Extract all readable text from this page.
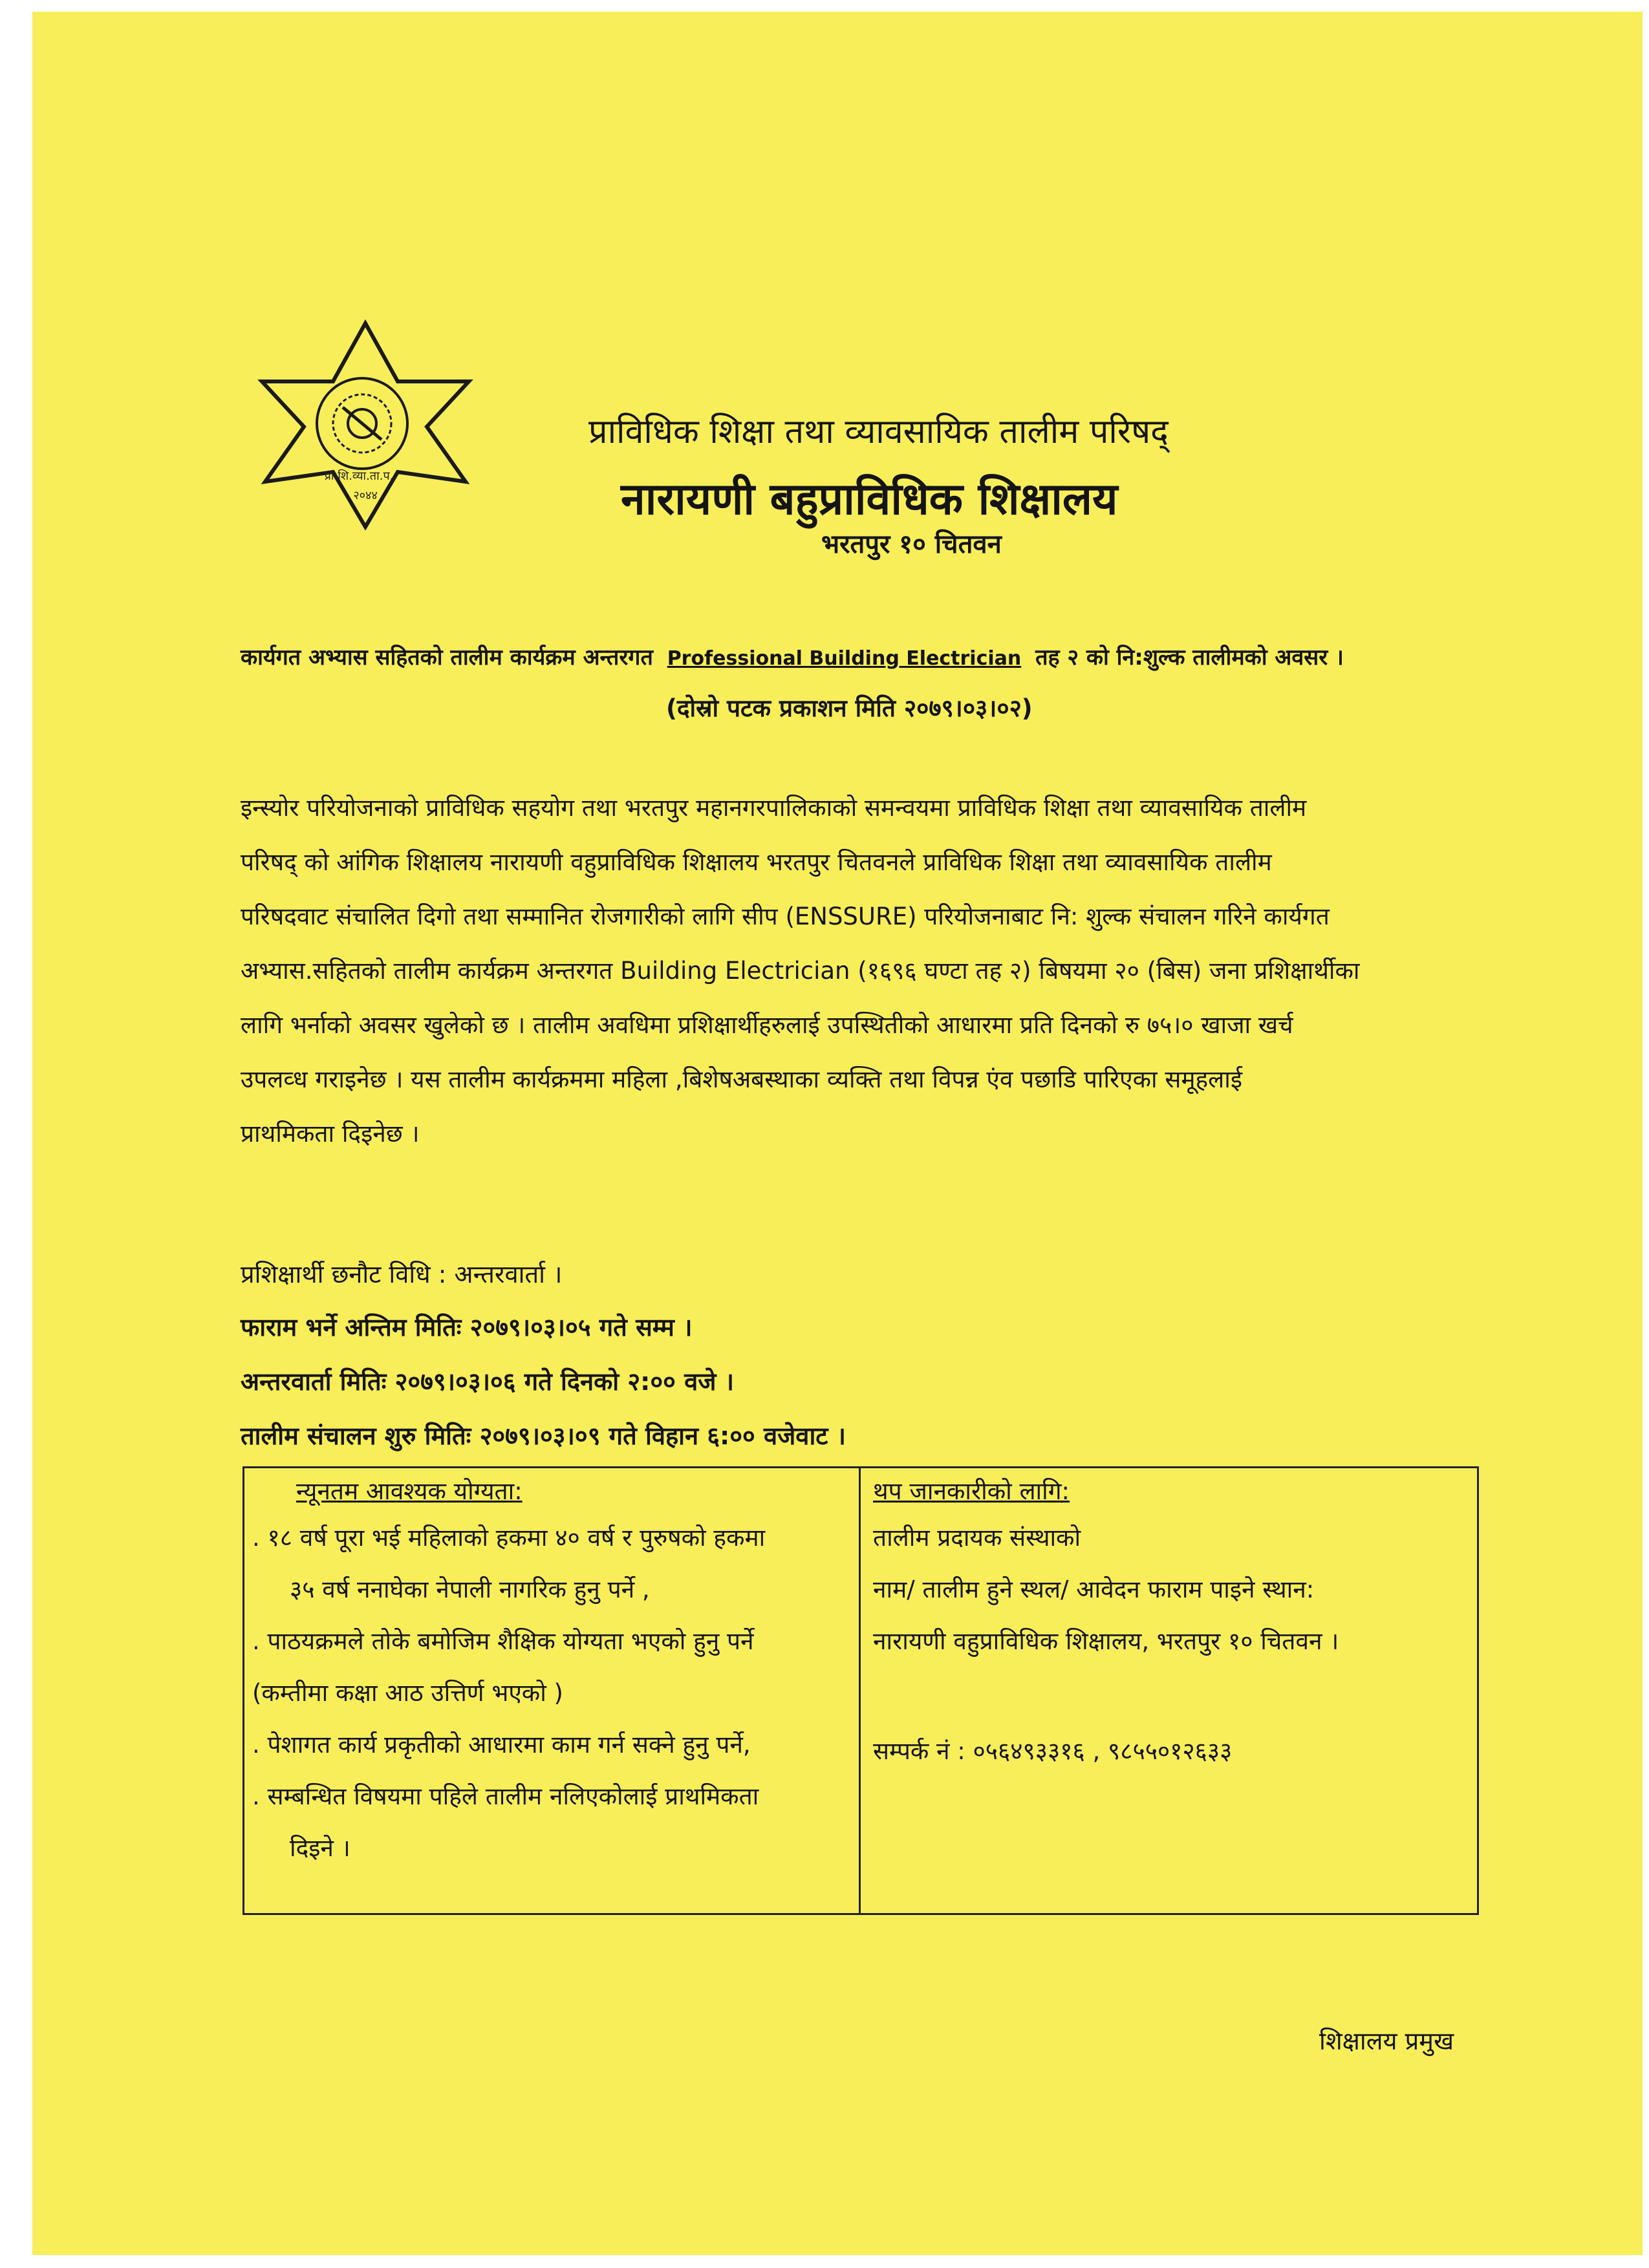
प्रा.शि.व्या.ता.प.
२०४४
प्राविधिक शिक्षा तथा व्यावसायिक तालीम परिषद्
नारायणी बहुप्राविधिक शिक्षालय
भरतपुर १० चितवन
कार्यगत अभ्यास सहितको तालीम कार्यक्रम अन्तरगत Professional Building Electrician तह २ को नि:शुल्क तालीमको अवसर ।
(दोस्रो पटक प्रकाशन मिति २०७९।०३।०२)
इन्स्योर परियोजनाको प्राविधिक सहयोग तथा भरतपुर महानगरपालिकाको समन्वयमा प्राविधिक शिक्षा तथा व्यावसायिक तालीम
परिषद् को आंगिक शिक्षालय नारायणी वहुप्राविधिक शिक्षालय भरतपुर चितवनले प्राविधिक शिक्षा तथा व्यावसायिक तालीम
परिषदवाट संचालित दिगो तथा सम्मानित रोजगारीको लागि सीप (ENSSURE) परियोजनाबाट नि: शुल्क संचालन गरिने कार्यगत
अभ्यास.सहितको तालीम कार्यक्रम अन्तरगत Building Electrician (१६९६ घण्टा तह २) बिषयमा २० (बिस) जना प्रशिक्षार्थीका
लागि भर्नाको अवसर खुलेको छ । तालीम अवधिमा प्रशिक्षार्थीहरुलाई उपस्थितीको आधारमा प्रति दिनको रु ७५।० खाजा खर्च
उपलव्ध गराइनेछ । यस तालीम कार्यक्रममा महिला ,बिशेषअबस्थाका व्यक्ति तथा विपन्न एंव पछाडि पारिएका समूहलाई
प्राथमिकता दिइनेछ ।
प्रशिक्षार्थी छनौट विधि : अन्तरवार्ता ।
फाराम भर्ने अन्तिम मितिः २०७९।०३।०५ गते सम्म ।
अन्तरवार्ता मितिः २०७९।०३।०६ गते दिनको २:०० वजे ।
तालीम संचालन शुरु मितिः २०७९।०३।०९ गते विहान ६:०० वजेवाट ।
न्यूनतम आवश्यक योग्यता:
. १८ वर्ष पूरा भई महिलाको हकमा ४० वर्ष र पुरुषको हकमा
३५ वर्ष ननाघेका नेपाली नागरिक हुनु पर्ने ,
. पाठयक्रमले तोके बमोजिम शैक्षिक योग्यता भएको हुनु पर्ने
(कम्तीमा कक्षा आठ उत्तिर्ण भएको )
. पेशागत कार्य प्रकृतीको आधारमा काम गर्न सक्ने हुनु पर्ने,
. सम्बन्धित विषयमा पहिले तालीम नलिएकोलाई प्राथमिकता
दिइने ।
थप जानकारीको लागि:
तालीम प्रदायक संस्थाको
नाम/ तालीम हुने स्थल/ आवेदन फाराम पाइने स्थान:
नारायणी वहुप्राविधिक शिक्षालय, भरतपुर १० चितवन ।
सम्पर्क नं : ०५६४९३३१६ , ९८५५०१२६३३
शिक्षालय प्रमुख
